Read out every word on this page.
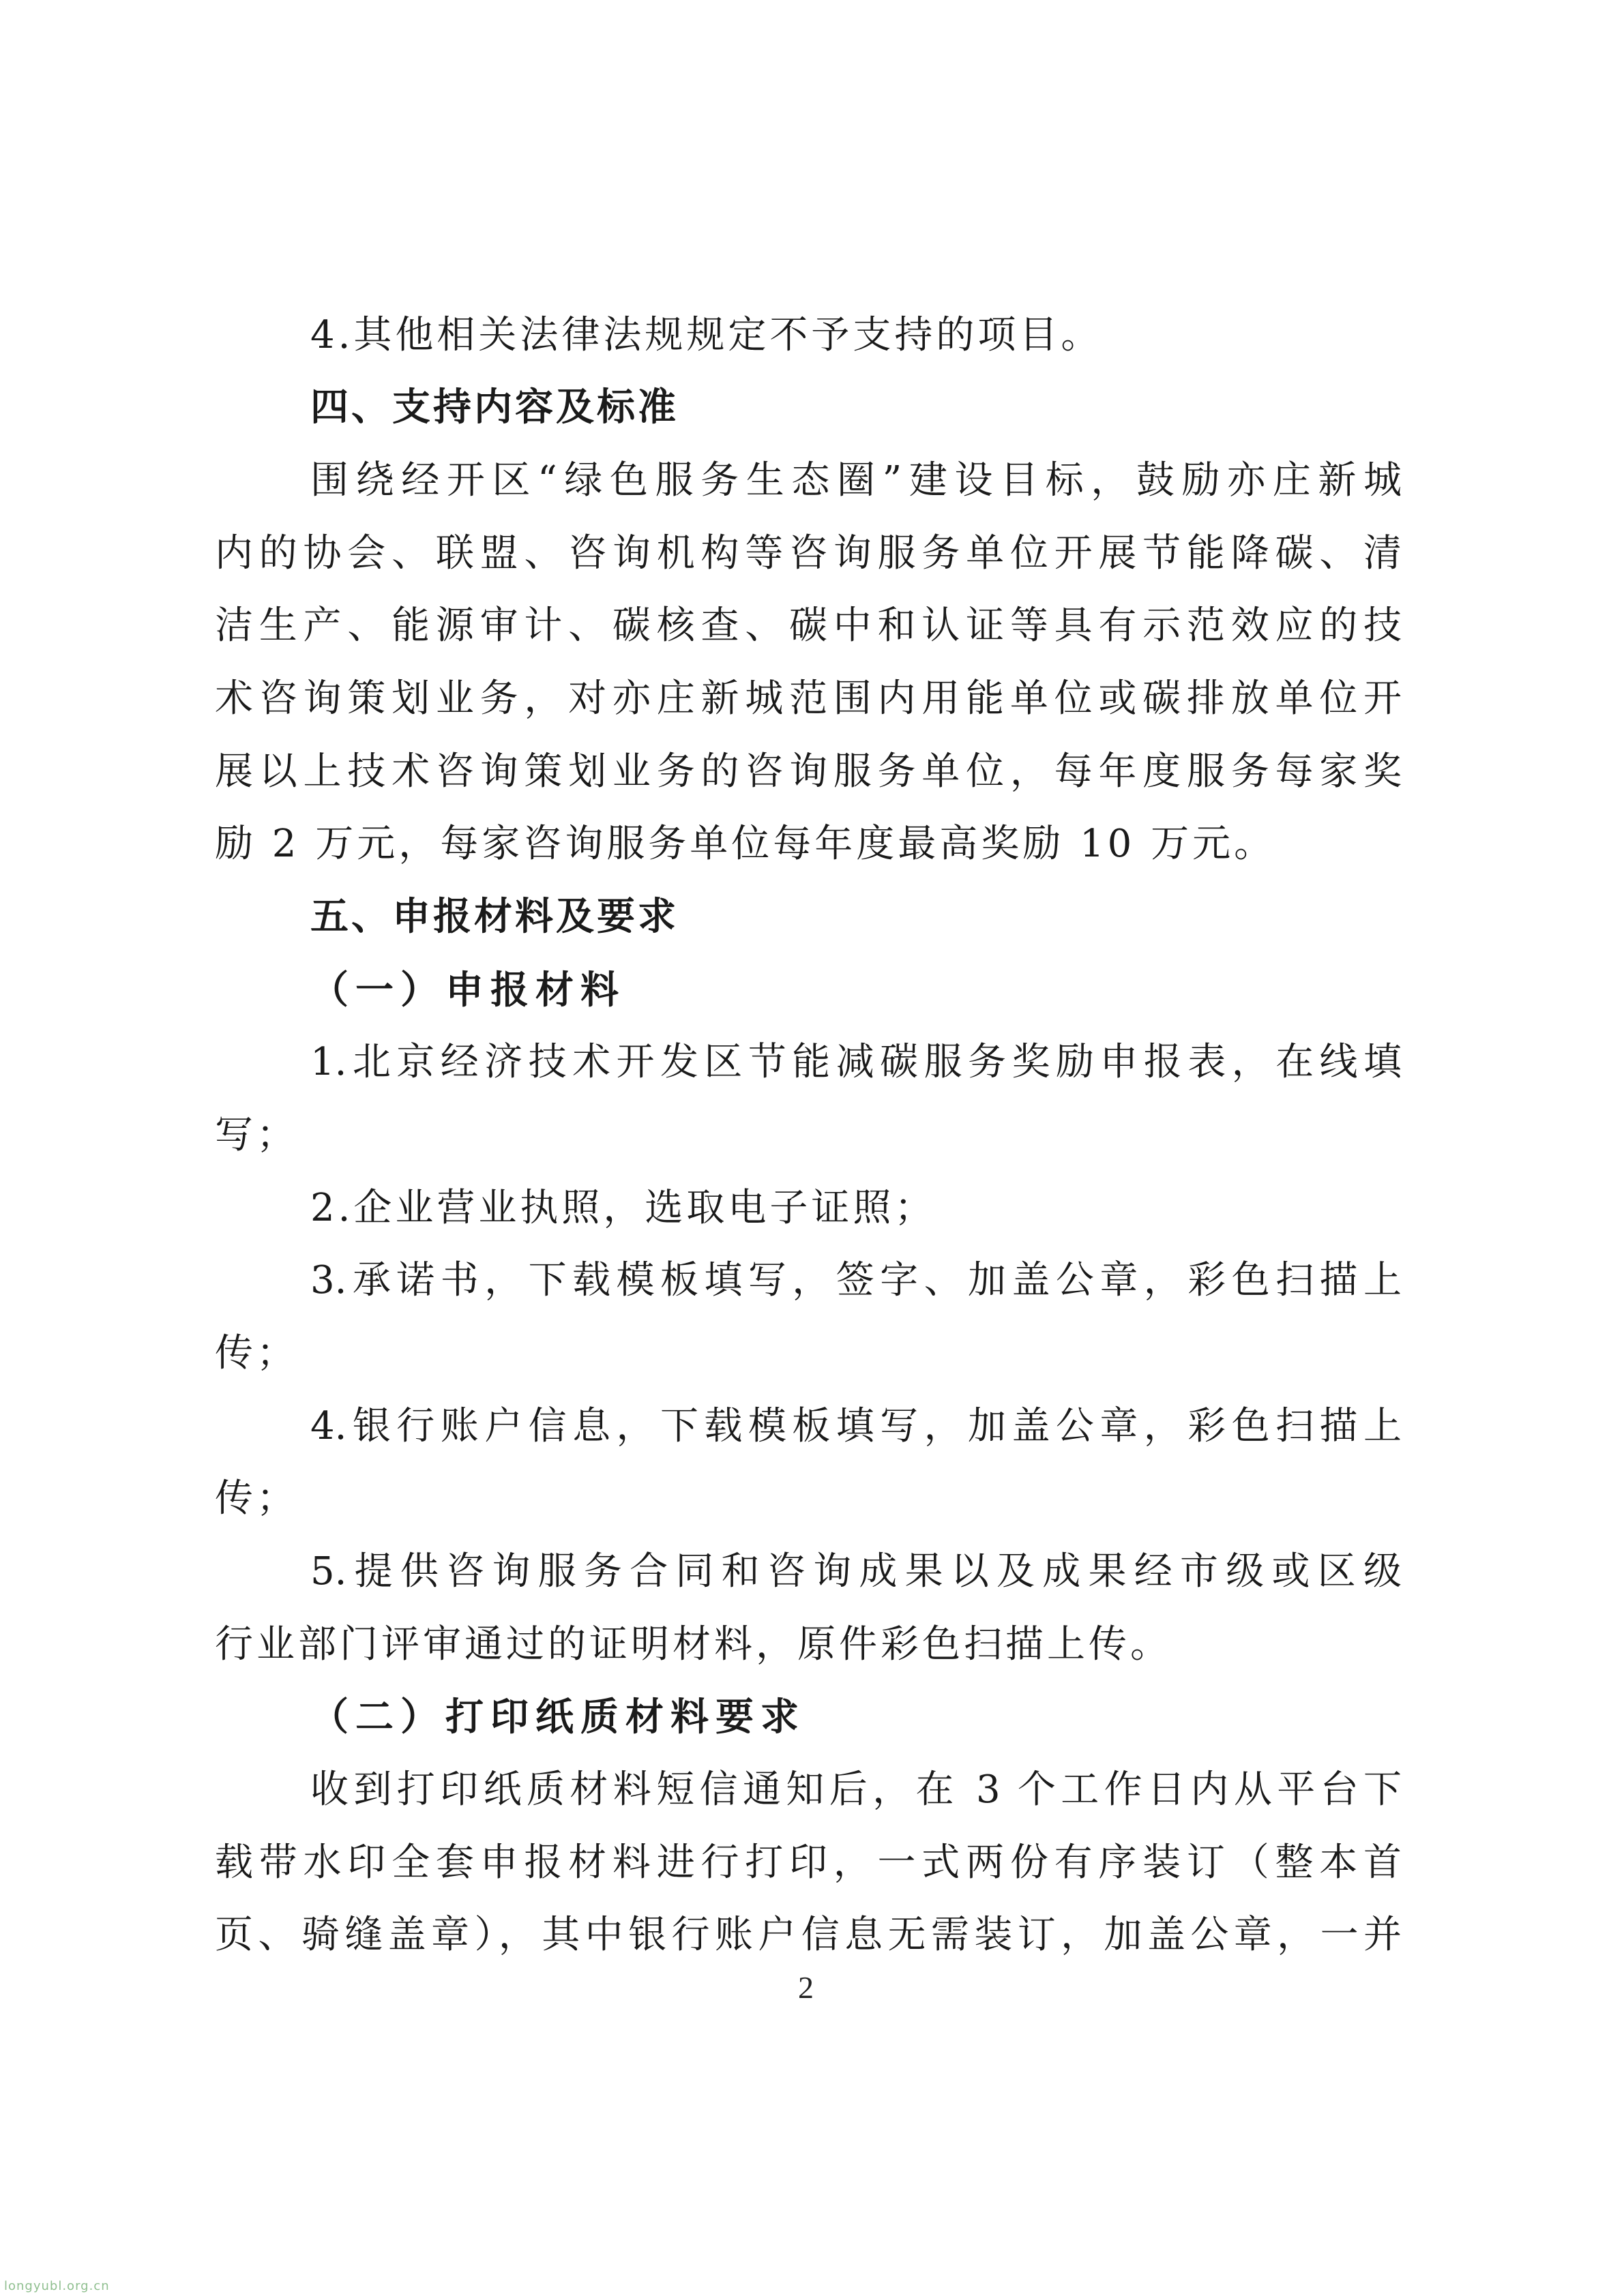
4.其他相关法律法规规定不予支持的项目。
四、支持内容及标准
围绕经开区“绿色服务生态圈”建设目标，鼓励亦庄新城
内的协会、联盟、咨询机构等咨询服务单位开展节能降碳、清
洁生产、能源审计、碳核查、碳中和认证等具有示范效应的技
术咨询策划业务，对亦庄新城范围内用能单位或碳排放单位开
展以上技术咨询策划业务的咨询服务单位，每年度服务每家奖
励 2 万元，每家咨询服务单位每年度最高奖励 10 万元。
五、申报材料及要求
（一）申报材料
1.北京经济技术开发区节能减碳服务奖励申报表，在线填
写；
2.企业营业执照，选取电子证照；
3.承诺书，下载模板填写，签字、加盖公章，彩色扫描上
传；
4.银行账户信息，下载模板填写，加盖公章，彩色扫描上
传；
5.提供咨询服务合同和咨询成果以及成果经市级或区级
行业部门评审通过的证明材料，原件彩色扫描上传。
（二）打印纸质材料要求
收到打印纸质材料短信通知后，在 3 个工作日内从平台下
载带水印全套申报材料进行打印，一式两份有序装订（整本首
页、骑缝盖章），其中银行账户信息无需装订，加盖公章，一并
2
longyubl.org.cn
